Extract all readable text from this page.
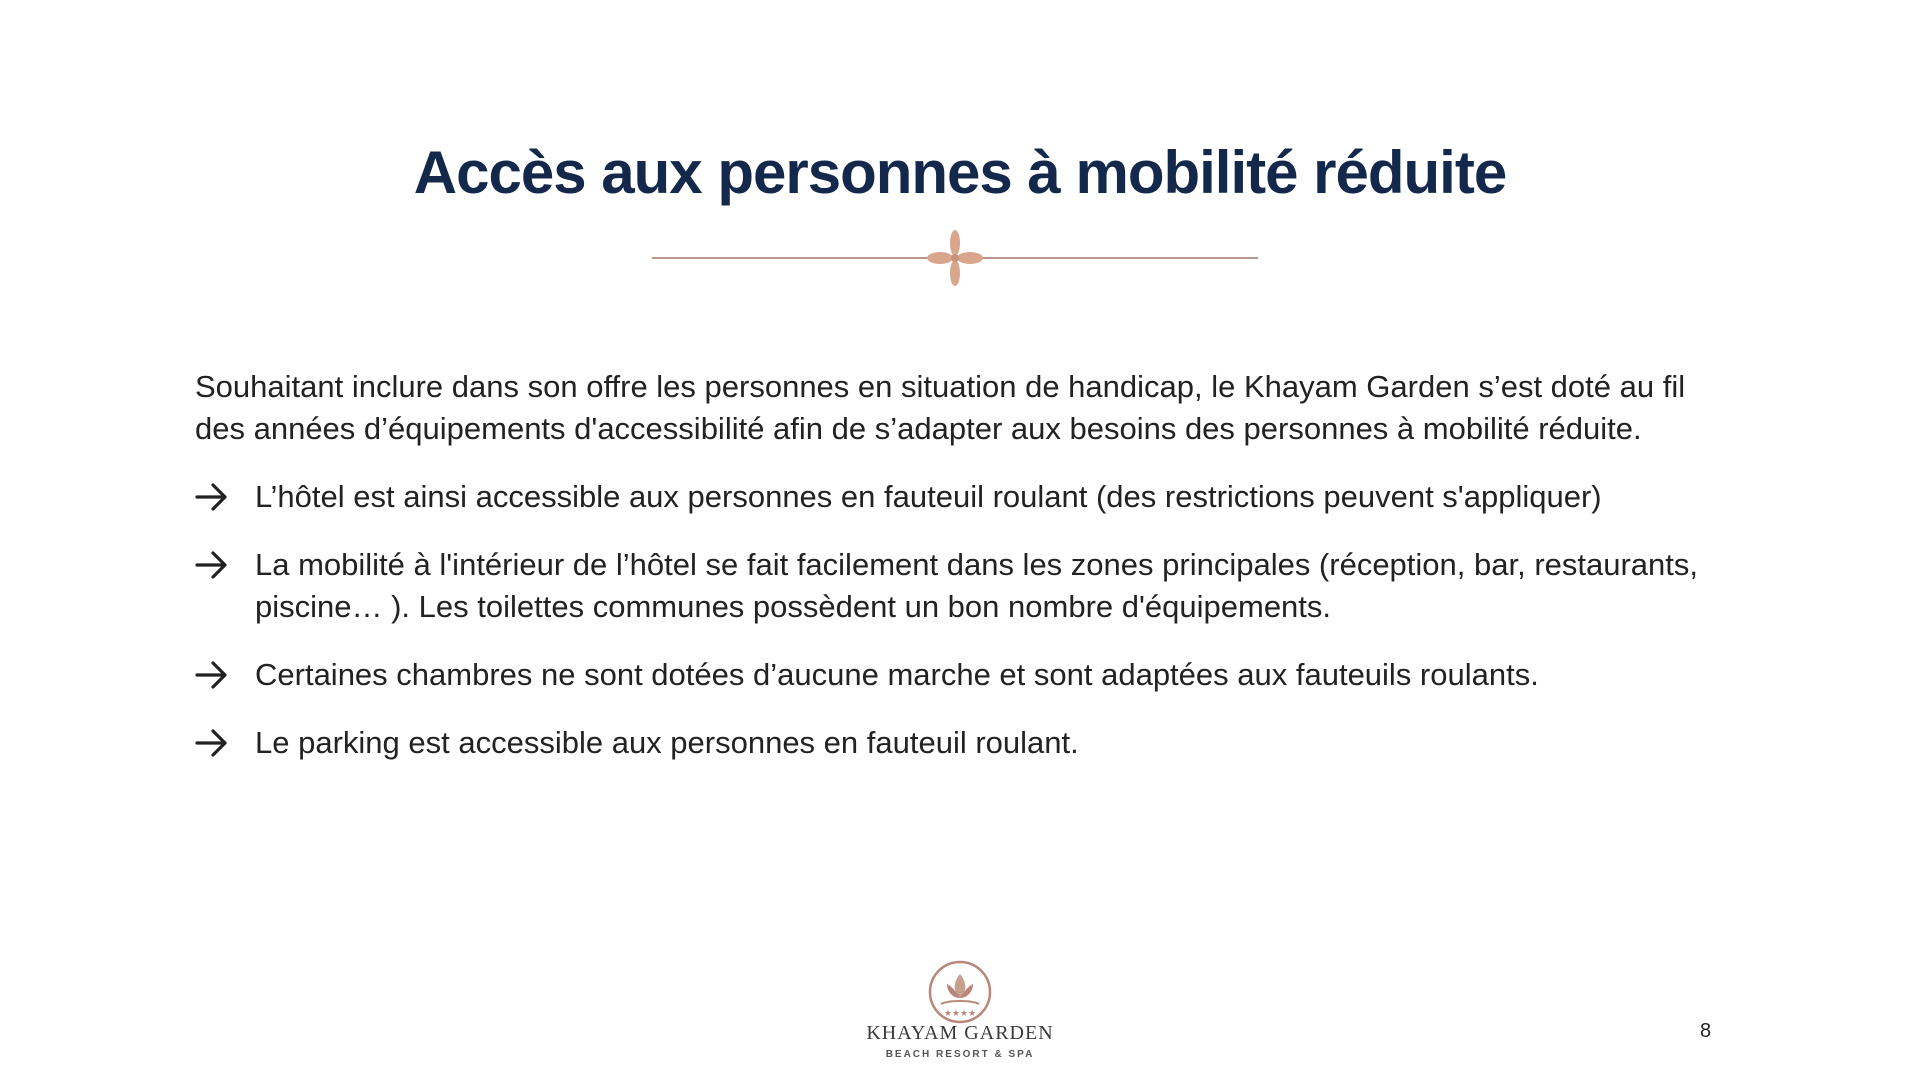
Accès aux personnes à mobilité réduite

Souhaitant inclure dans son offre les personnes en situation de handicap, le Khayam Garden s’est doté au fil des années d’équipements d'accessibilité afin de s’adapter aux besoins des personnes à mobilité réduite.

L’hôtel est ainsi accessible aux personnes en fauteuil roulant (des restrictions peuvent s'appliquer)
La mobilité à l'intérieur de l’hôtel se fait facilement dans les zones principales (réception, bar, restaurants, piscine… ). Les toilettes communes possèdent un bon nombre d'équipements.
Certaines chambres ne sont dotées d’aucune marche et sont adaptées aux fauteuils roulants.
Le parking est accessible aux personnes en fauteuil roulant.
★★★★
KHAYAM GARDEN
BEACH RESORT & SPA
8
